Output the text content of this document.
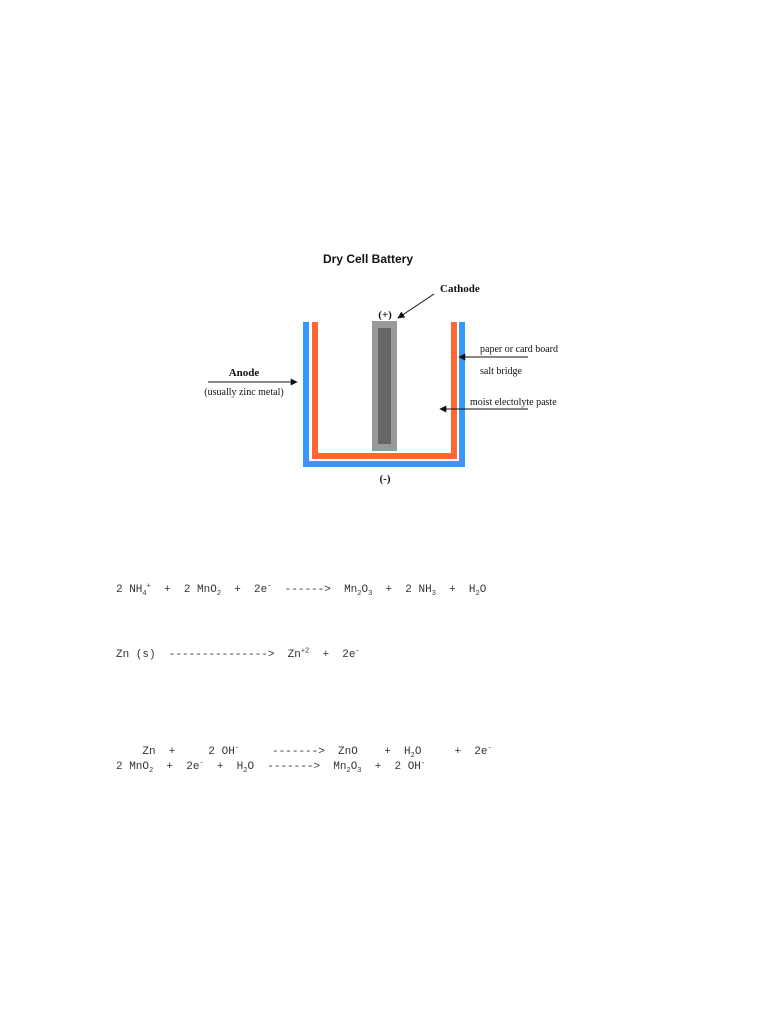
Dry Cell Battery
(+)
(-)
Cathode
Anode
(usually zinc metal)
paper or card board
salt bridge
moist electolyte paste

2 $NH_4^+ + 2$ MnO$_2$  +  2e-  ------>  $Mn_2O_3 + 2$ $NH_3 + H_2O$

Zn (s)  --------------->  $Zn^{+2} + 2e^-$

Zn  +     2 OH-     ------->  ZnO    +  $H_2O$     +  2e-

2 $MnO_2 + 2e^- + H_2O$  ------->  $Mn_2O_3 + 2$ OH-
